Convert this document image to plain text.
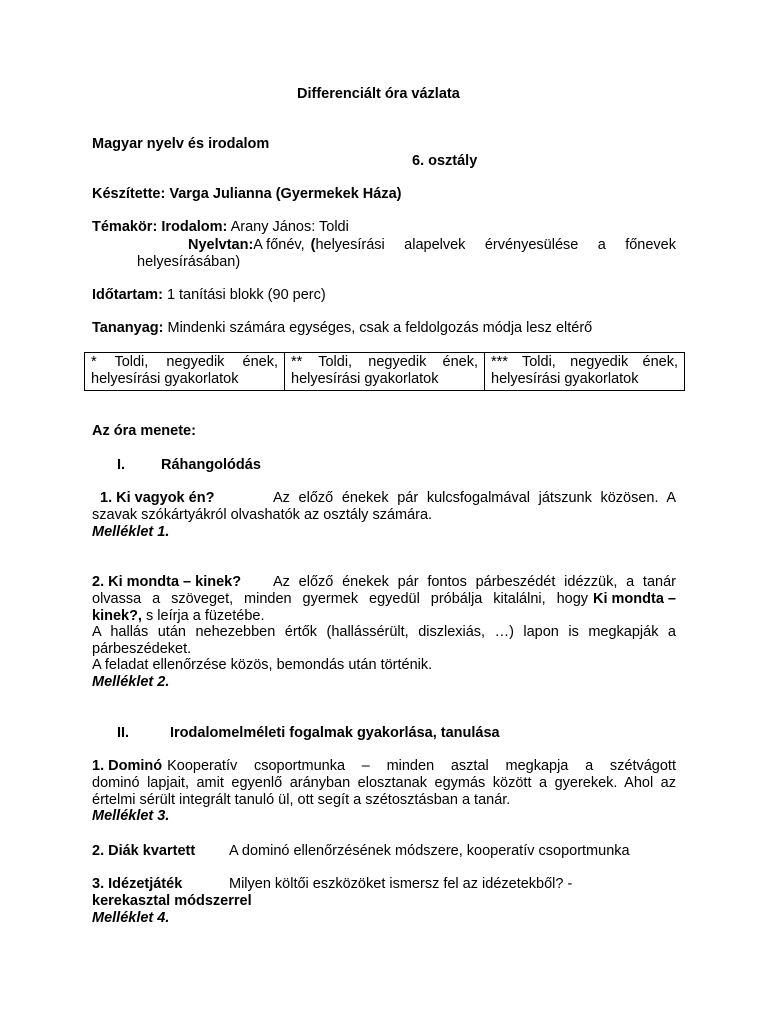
Differenciált óra vázlata
Magyar nyelv és irodalom
6. osztály
Készítette: Varga Julianna (Gyermekek Háza)
Témakör: Irodalom: Arany János: Toldi
Nyelvtan: A főnév, ( helyesírási alapelvek érvényesülése a főnevek
helyesírásában)
Időtartam: 1 tanítási blokk (90 perc)
Tananyag: Mindenki számára egységes, csak a feldolgozás módja lesz eltérő
* Toldi, negyedik ének, helyesírási gyakorlatok	** Toldi, negyedik ének, helyesírási gyakorlatok	*** Toldi, negyedik ének, helyesírási gyakorlatok
Az óra menete:
I. Ráhangolódás
1. Ki vagyok én?	Az előző énekek pár kulcsfogalmával játszunk közösen. A
szavak szókártyákról olvashatók az osztály számára.
Melléklet 1.
2. Ki mondta – kinek? Az előző énekek pár fontos párbeszédét idézzük, a tanár
olvassa a szöveget, minden gyermek egyedül próbálja kitalálni, hogy Ki mondta –
kinek?, s leírja a füzetébe.
A hallás után nehezebben értők (hallássérült, diszlexiás, …) lapon is megkapják a
párbeszédeket.
A feladat ellenőrzése közös, bemondás után történik.
Melléklet 2.
II.	Irodalomelméleti fogalmak gyakorlása, tanulása
1. Dominó Kooperatív csoportmunka – minden asztal megkapja a szétvágott
dominó lapjait, amit egyenlő arányban elosztanak egymás között a gyerekek. Ahol az
értelmi sérült integrált tanuló ül, ott segít a szétosztásban a tanár.
Melléklet 3.
2. Diák kvartett A dominó ellenőrzésének módszere, kooperatív csoportmunka
3. Idézetjáték	Milyen költői eszközöket ismersz fel az idézetekből? -
kerekasztal módszerrel
Melléklet 4.
